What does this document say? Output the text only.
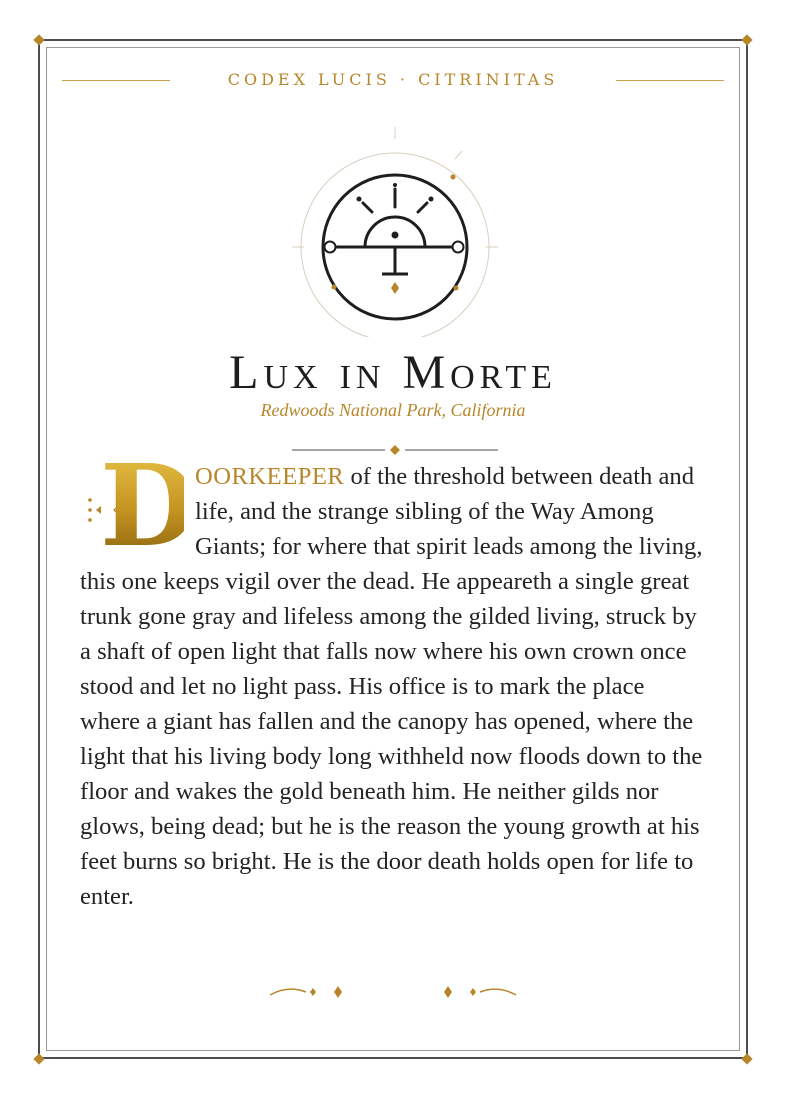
CODEX LUCIS · CITRINITAS
Lux in Morte
Redwoods National Park, California
D
OORKEEPER of the threshold between death and life, and the strange sibling of the Way Among Giants; for where that spirit leads among the living, this one keeps vigil over the dead. He appeareth a single great trunk gone gray and lifeless among the gilded living, struck by a shaft of open light that falls now where his own crown once stood and let no light pass. His office is to mark the place where a giant has fallen and the canopy has opened, where the light that his living body long withheld now floods down to the floor and wakes the gold beneath him. He neither gilds nor glows, being dead; but he is the reason the young growth at his feet burns so bright. He is the door death holds open for life to enter.
